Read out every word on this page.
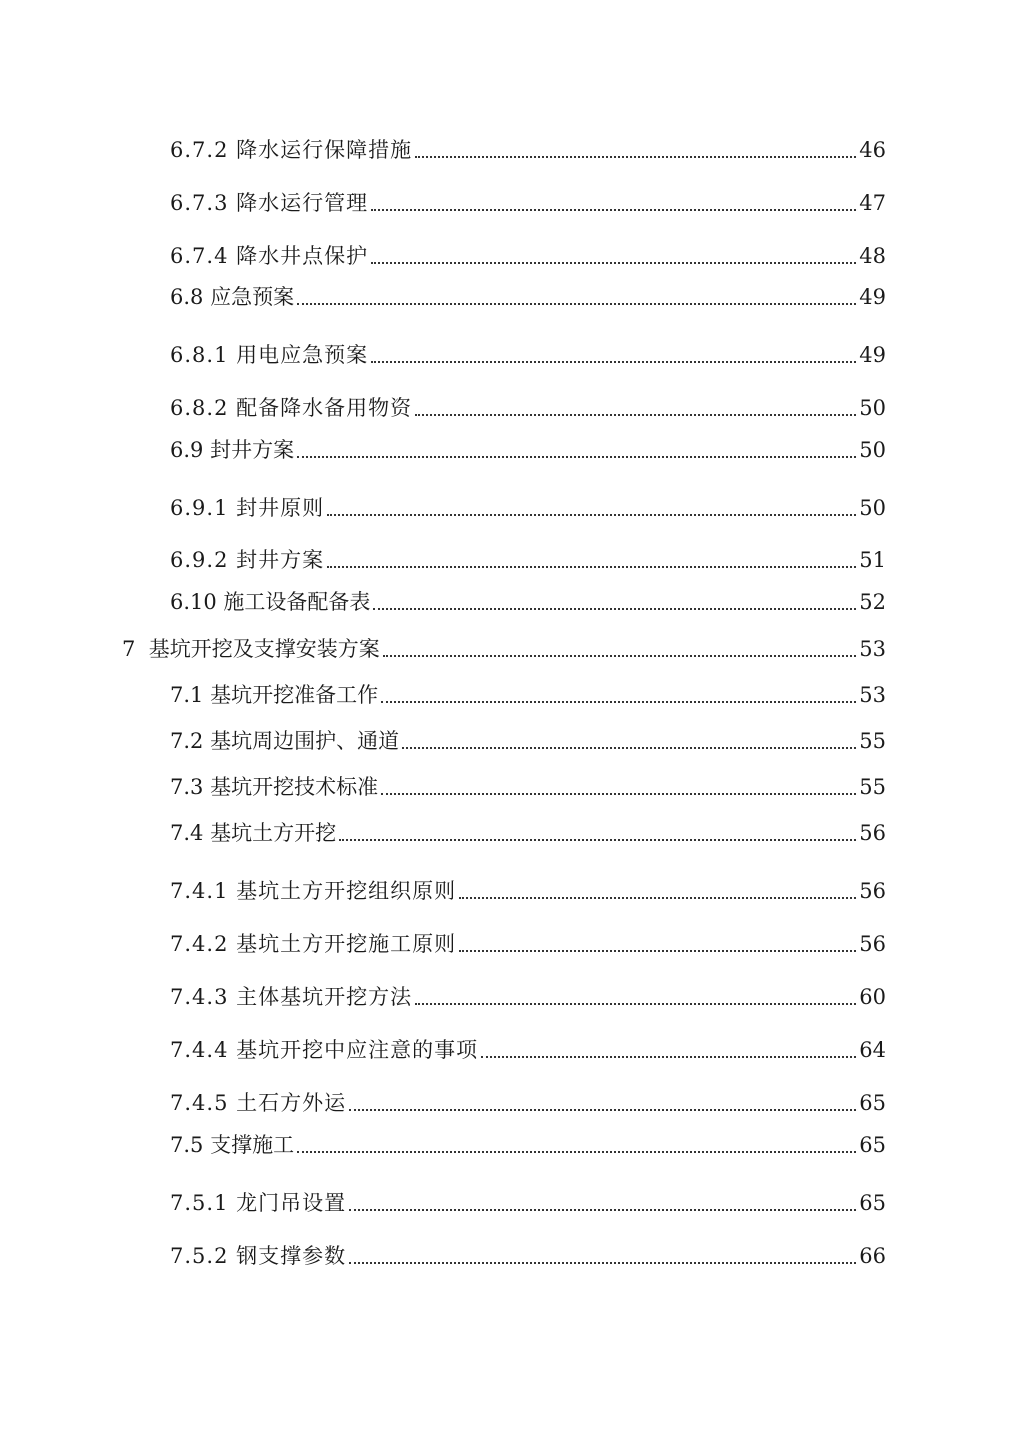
6.7.2 降水运行保障措施	46
6.7.3 降水运行管理	47
6.7.4 降水井点保护	48
6.8 应急预案	49
6.8.1 用电应急预案	49
6.8.2 配备降水备用物资	50
6.9 封井方案	50
6.9.1 封井原则	50
6.9.2 封井方案	51
6.10 施工设备配备表	52
7  基坑开挖及支撑安装方案	53
7.1 基坑开挖准备工作	53
7.2 基坑周边围护、通道	55
7.3 基坑开挖技术标准	55
7.4 基坑土方开挖	56
7.4.1 基坑土方开挖组织原则	56
7.4.2 基坑土方开挖施工原则	56
7.4.3 主体基坑开挖方法	60
7.4.4 基坑开挖中应注意的事项	64
7.4.5 土石方外运	65
7.5 支撑施工	65
7.5.1 龙门吊设置	65
7.5.2 钢支撑参数	66
